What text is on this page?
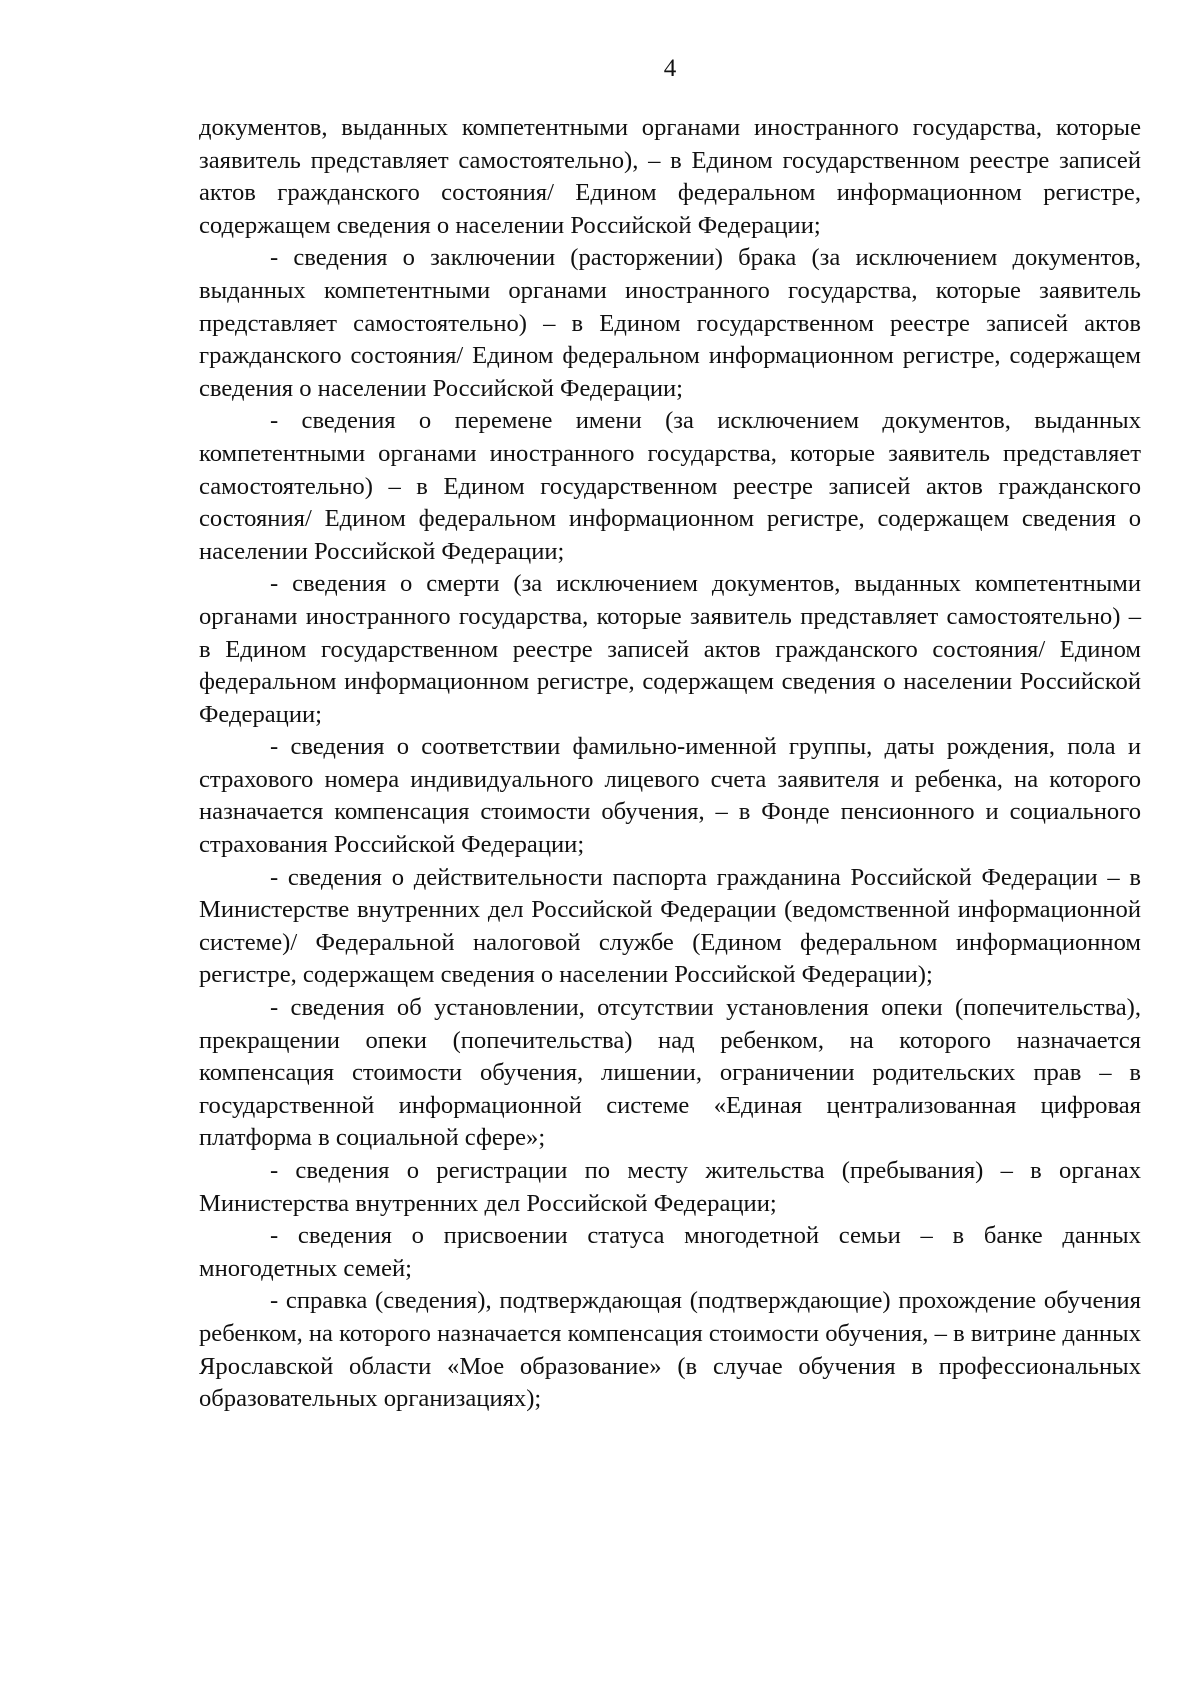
4

документов, выданных компетентными органами иностранного государства, которые заявитель представляет самостоятельно), – в Едином государственном реестре записей актов гражданского состояния/ Едином федеральном информационном регистре, содержащем сведения о населении Российской Федерации;

- сведения о заключении (расторжении) брака (за исключением документов, выданных компетентными органами иностранного государства, которые заявитель представляет самостоятельно) – в Едином государственном реестре записей актов гражданского состояния/ Едином федеральном информационном регистре, содержащем сведения о населении Российской Федерации;

- сведения о перемене имени (за исключением документов, выданных компетентными органами иностранного государства, которые заявитель представляет самостоятельно) – в Едином государственном реестре записей актов гражданского состояния/ Едином федеральном информационном регистре, содержащем сведения о населении Российской Федерации;

- сведения о смерти (за исключением документов, выданных компетентными органами иностранного государства, которые заявитель представляет самостоятельно) – в Едином государственном реестре записей актов гражданского состояния/ Едином федеральном информационном регистре, содержащем сведения о населении Российской Федерации;

- сведения о соответствии фамильно-именной группы, даты рождения, пола и страхового номера индивидуального лицевого счета заявителя и ребенка, на которого назначается компенсация стоимости обучения, – в Фонде пенсионного и социального страхования Российской Федерации;

- сведения о действительности паспорта гражданина Российской Федерации – в Министерстве внутренних дел Российской Федерации (ведомственной информационной системе)/ Федеральной налоговой службе (Едином федеральном информационном регистре, содержащем сведения о населении Российской Федерации);

- сведения об установлении, отсутствии установления опеки (попечительства), прекращении опеки (попечительства) над ребенком, на которого назначается компенсация стоимости обучения, лишении, ограничении родительских прав – в государственной информационной системе «Единая централизованная цифровая платформа в социальной сфере»;

- сведения о регистрации по месту жительства (пребывания) – в органах Министерства внутренних дел Российской Федерации;

- сведения о присвоении статуса многодетной семьи – в банке данных многодетных семей;

- справка (сведения), подтверждающая (подтверждающие) прохождение обучения ребенком, на которого назначается компенсация стоимости обучения, – в витрине данных Ярославской области «Мое образование» (в случае обучения в профессиональных образовательных организациях);
